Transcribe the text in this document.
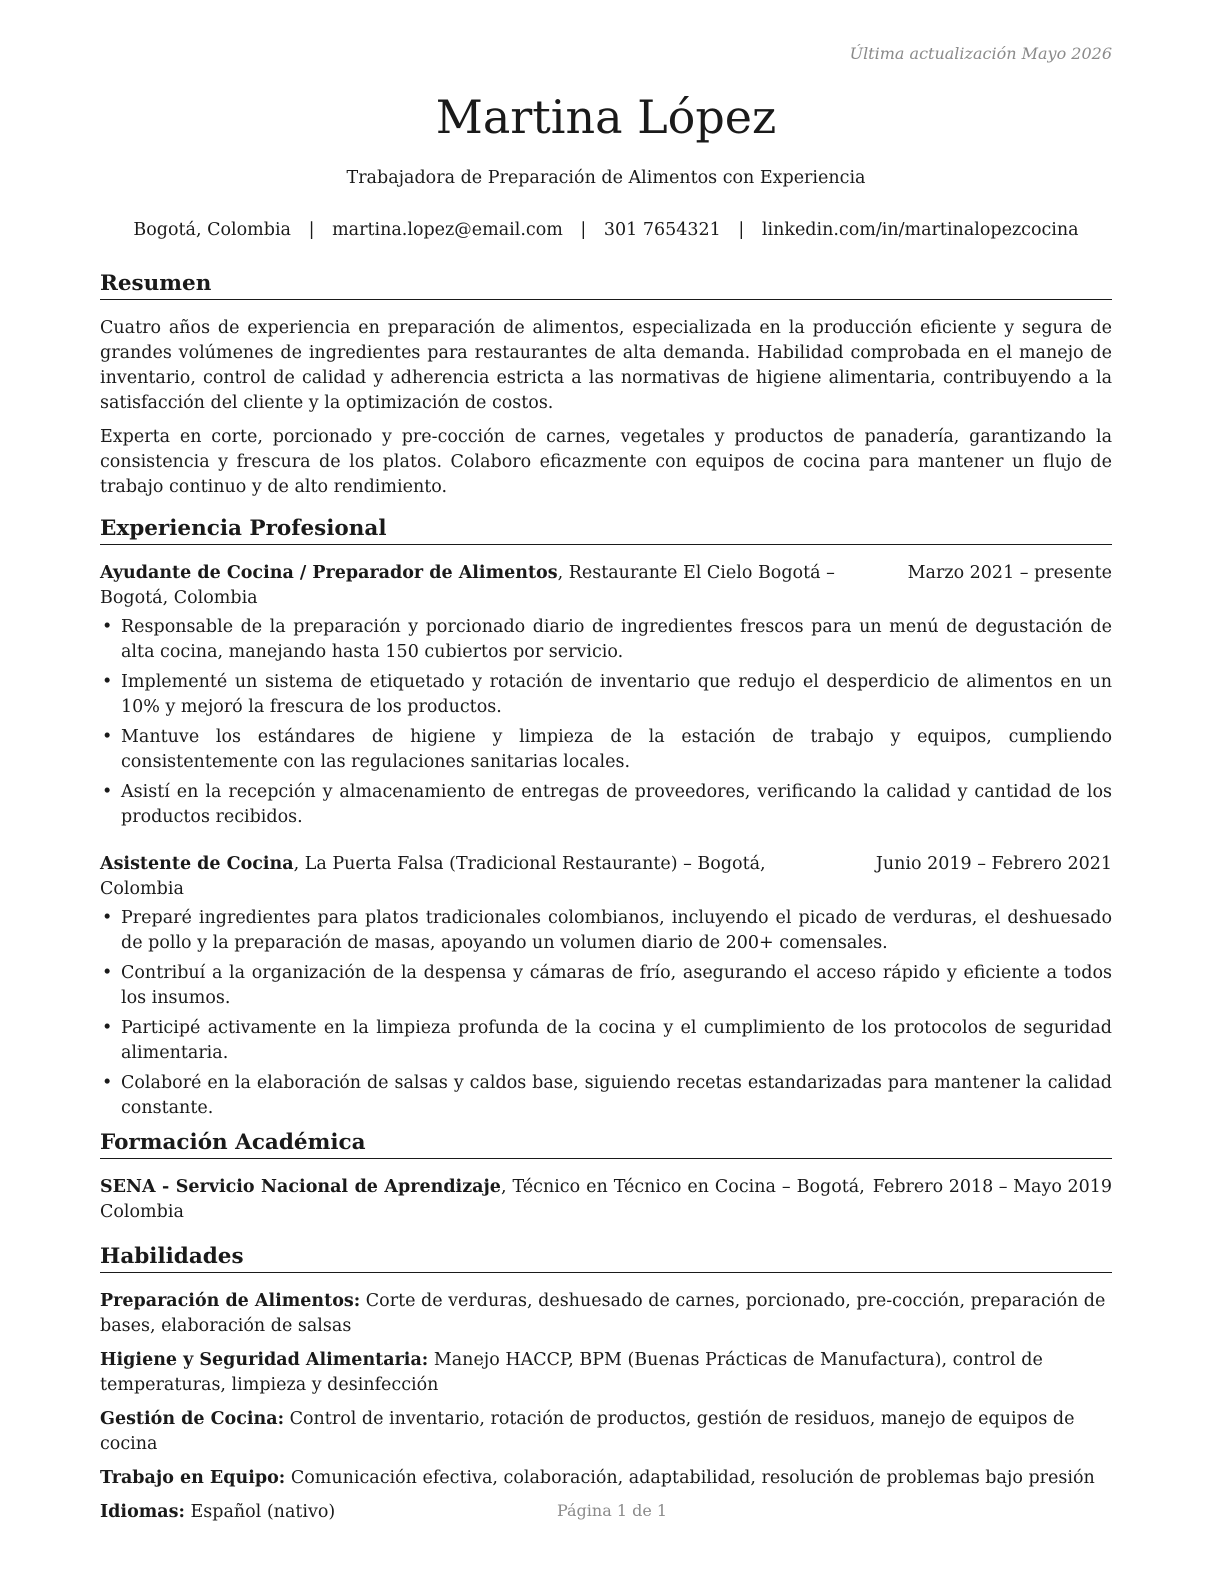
Última actualización Mayo 2026
Martina López
Trabajadora de Preparación de Alimentos con Experiencia
Bogotá, Colombia | martina.lopez@email.com | 301 7654321 | linkedin.com/in/martinalopezcocina
Resumen

Cuatro años de experiencia en preparación de alimentos, especializada en la producción eficiente y segura de grandes volúmenes de ingredientes para restaurantes de alta demanda. Habilidad comprobada en el manejo de inventario, control de calidad y adherencia estricta a las normativas de higiene alimentaria, contribuyendo a la satisfacción del cliente y la optimización de costos.

Experta en corte, porcionado y pre-cocción de carnes, vegetales y productos de panadería, garantizando la consistencia y frescura de los platos. Colaboro eficazmente con equipos de cocina para mantener un flujo de trabajo continuo y de alto rendimiento.

Experiencia Profesional
Ayudante de Cocina / Preparador de Alimentos, Restaurante El Cielo Bogotá – Bogotá, Colombia
Marzo 2021 – presente
• Responsable de la preparación y porcionado diario de ingredientes frescos para un menú de degustación de alta cocina, manejando hasta 150 cubiertos por servicio.
• Implementé un sistema de etiquetado y rotación de inventario que redujo el desperdicio de alimentos en un 10% y mejoró la frescura de los productos.
• Mantuve los estándares de higiene y limpieza de la estación de trabajo y equipos, cumpliendo consistentemente con las regulaciones sanitarias locales.
• Asistí en la recepción y almacenamiento de entregas de proveedores, verificando la calidad y cantidad de los productos recibidos.
Asistente de Cocina, La Puerta Falsa (Tradicional Restaurante) – Bogotá, Colombia
Junio 2019 – Febrero 2021
• Preparé ingredientes para platos tradicionales colombianos, incluyendo el picado de verduras, el deshuesado de pollo y la preparación de masas, apoyando un volumen diario de 200+ comensales.
• Contribuí a la organización de la despensa y cámaras de frío, asegurando el acceso rápido y eficiente a todos los insumos.
• Participé activamente en la limpieza profunda de la cocina y el cumplimiento de los protocolos de seguridad alimentaria.
• Colaboré en la elaboración de salsas y caldos base, siguiendo recetas estandarizadas para mantener la calidad constante.
Formación Académica
SENA - Servicio Nacional de Aprendizaje, Técnico en Técnico en Cocina – Bogotá, Colombia
Febrero 2018 – Mayo 2019
Habilidades

Preparación de Alimentos: Corte de verduras, deshuesado de carnes, porcionado, pre-cocción, preparación de bases, elaboración de salsas

Higiene y Seguridad Alimentaria: Manejo HACCP, BPM (Buenas Prácticas de Manufactura), control de temperaturas, limpieza y desinfección

Gestión de Cocina: Control de inventario, rotación de productos, gestión de residuos, manejo de equipos de cocina

Trabajo en Equipo: Comunicación efectiva, colaboración, adaptabilidad, resolución de problemas bajo presión

Idiomas: Español (nativo)	Página 1 de 1
